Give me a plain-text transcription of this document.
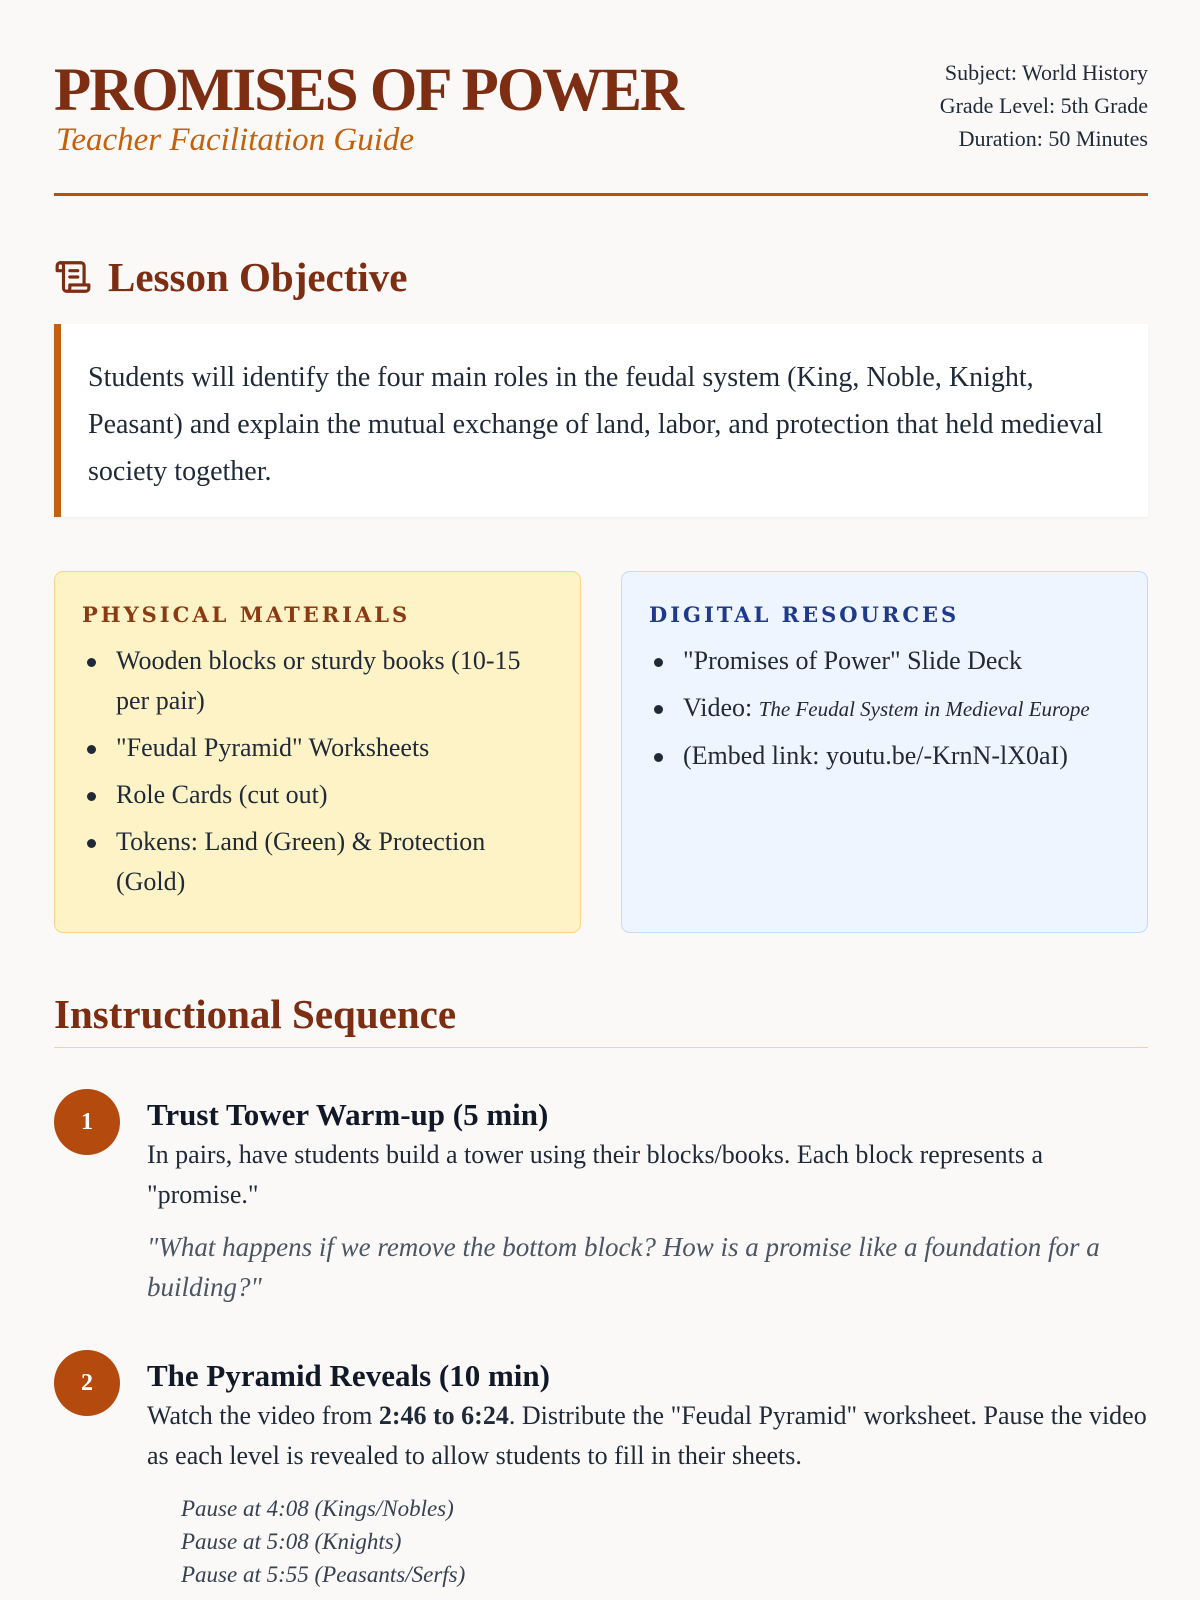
PROMISES OF POWER
Teacher Facilitation Guide
Subject: World History
Grade Level: 5th Grade
Duration: 50 Minutes
Lesson Objective

Students will identify the four main roles in the feudal system (King, Noble, Knight, Peasant) and explain the mutual exchange of land, labor, and protection that held medieval society together.

PHYSICAL MATERIALS
Wooden blocks or sturdy books (10-15 per pair)
"Feudal Pyramid" Worksheets
Role Cards (cut out)
Tokens: Land (Green) & Protection (Gold)
DIGITAL RESOURCES
"Promises of Power" Slide Deck
Video: The Feudal System in Medieval Europe
(Embed link: youtu.be/-KrnN-lX0aI)
Instructional Sequence
1	Trust Tower Warm-up (5 min)
In pairs, have students build a tower using their blocks/books. Each block represents a "promise."
"What happens if we remove the bottom block? How is a promise like a foundation for a building?"
2	The Pyramid Reveals (10 min)
Watch the video from 2:46 to 6:24. Distribute the "Feudal Pyramid" worksheet. Pause the video as each level is revealed to allow students to fill in their sheets.
Pause at 4:08 (Kings/Nobles)
Pause at 5:08 (Knights)
Pause at 5:55 (Peasants/Serfs)
